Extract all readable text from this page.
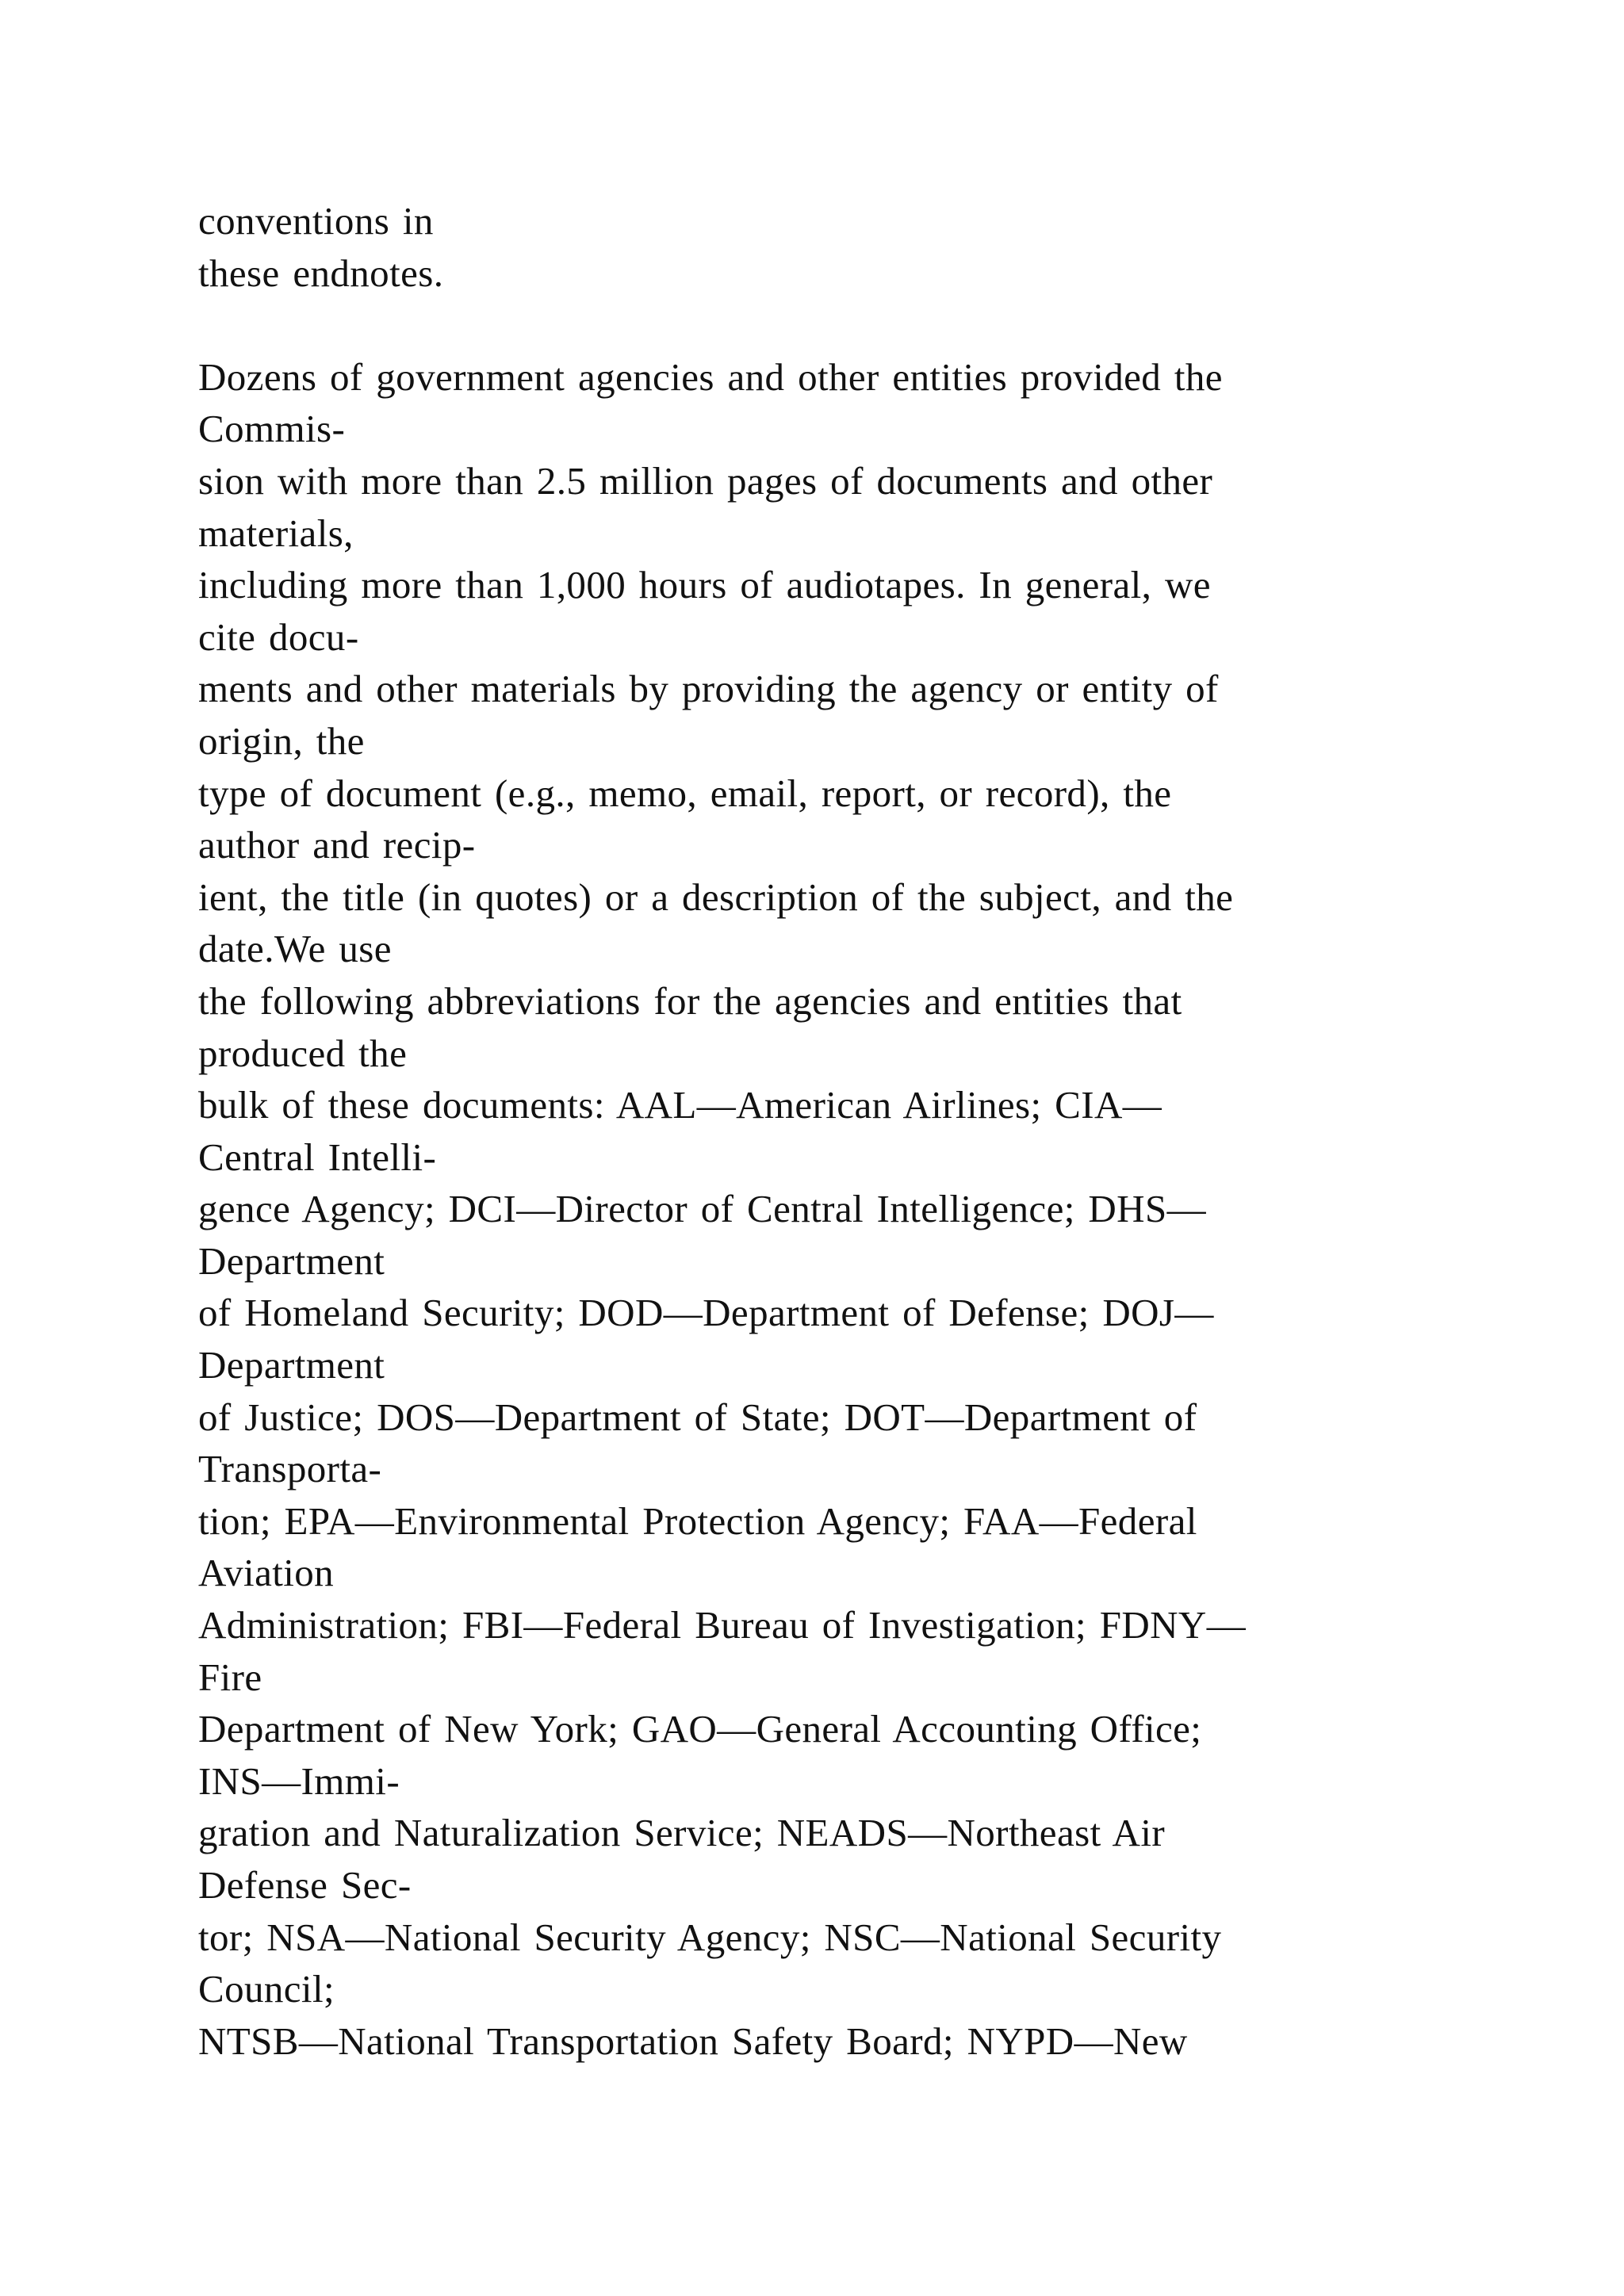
conventions in
these endnotes.
Dozens of government agencies and other entities provided the
Commis-
sion with more than 2.5 million pages of documents and other
materials,
including more than 1,000 hours of audiotapes. In general, we
cite docu-
ments and other materials by providing the agency or entity of
origin, the
type of document (e.g., memo, email, report, or record), the
author and recip-
ient, the title (in quotes) or a description of the subject, and the
date.We use
the following abbreviations for the agencies and entities that
produced the
bulk of these documents: AAL—American Airlines; CIA—
Central Intelli-
gence Agency; DCI—Director of Central Intelligence; DHS—
Department
of Homeland Security; DOD—Department of Defense; DOJ—
Department
of Justice; DOS—Department of State; DOT—Department of
Transporta-
tion; EPA—Environmental Protection Agency; FAA—Federal
Aviation
Administration; FBI—Federal Bureau of Investigation; FDNY—
Fire
Department of New York; GAO—General Accounting Office;
INS—Immi-
gration and Naturalization Service; NEADS—Northeast Air
Defense Sec-
tor; NSA—National Security Agency; NSC—National Security
Council;
NTSB—National Transportation Safety Board; NYPD—New
